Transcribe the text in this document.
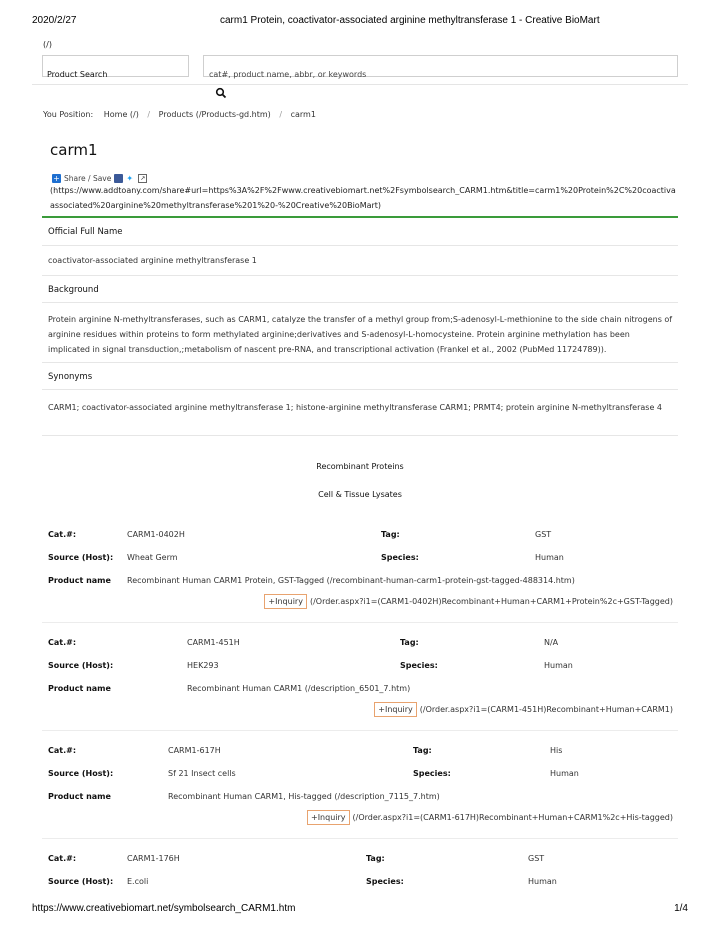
2020/2/27	carm1 Protein, coactivator-associated arginine methyltransferase 1 - Creative BioMart
(/)
Product Search	cat#, product name, abbr, or keywords
You Position: Home (/) / Products (/Products-gd.htm) / carm1
carm1
+ Share / Save ✦	↗
(https://www.addtoany.com/share#url=https%3A%2F%2Fwww.creativebiomart.net%2Fsymbolsearch_CARM1.htm&title=carm1%20Protein%2C%20coactiva
associated%20arginine%20methyltransferase%201%20-%20Creative%20BioMart)
Official Full Name
coactivator-associated arginine methyltransferase 1
Background
Protein arginine N-methyltransferases, such as CARM1, catalyze the transfer of a methyl group from;S-adenosyl-L-methionine to the side chain nitrogens of arginine residues within proteins to form methylated arginine;derivatives and S-adenosyl-L-homocysteine. Protein arginine methylation has been implicated in signal transduction,;metabolism of nascent pre-RNA, and transcriptional activation (Frankel et al., 2002 (PubMed 11724789)).
Synonyms
CARM1; coactivator-associated arginine methyltransferase 1; histone-arginine methyltransferase CARM1; PRMT4; protein arginine N-methyltransferase 4
Recombinant Proteins
Cell & Tissue Lysates
Cat.#:	CARM1-0402H	Tag:	GST
Source (Host): Wheat Germ	Species:	Human
Product name Recombinant Human CARM1 Protein, GST-Tagged (/recombinant-human-carm1-protein-gst-tagged-488314.htm)
+Inquiry (/Order.aspx?i1=(CARM1-0402H)Recombinant+Human+CARM1+Protein%2c+GST-Tagged)
Cat.#:	CARM1-451H	Tag:	N/A
Source (Host):	HEK293	Species:	Human
Product name	Recombinant Human CARM1 (/description_6501_7.htm)
+Inquiry (/Order.aspx?i1=(CARM1-451H)Recombinant+Human+CARM1)
Cat.#:	CARM1-617H	Tag:	His
Source (Host):	Sf 21 Insect cells	Species:	Human
Product name	Recombinant Human CARM1, His-tagged (/description_7115_7.htm)
+Inquiry (/Order.aspx?i1=(CARM1-617H)Recombinant+Human+CARM1%2c+His-tagged)
Cat.#:	CARM1-176H	Tag:	GST
Source (Host): E.coli	Species:	Human
https://www.creativebiomart.net/symbolsearch_CARM1.htm	1/4
